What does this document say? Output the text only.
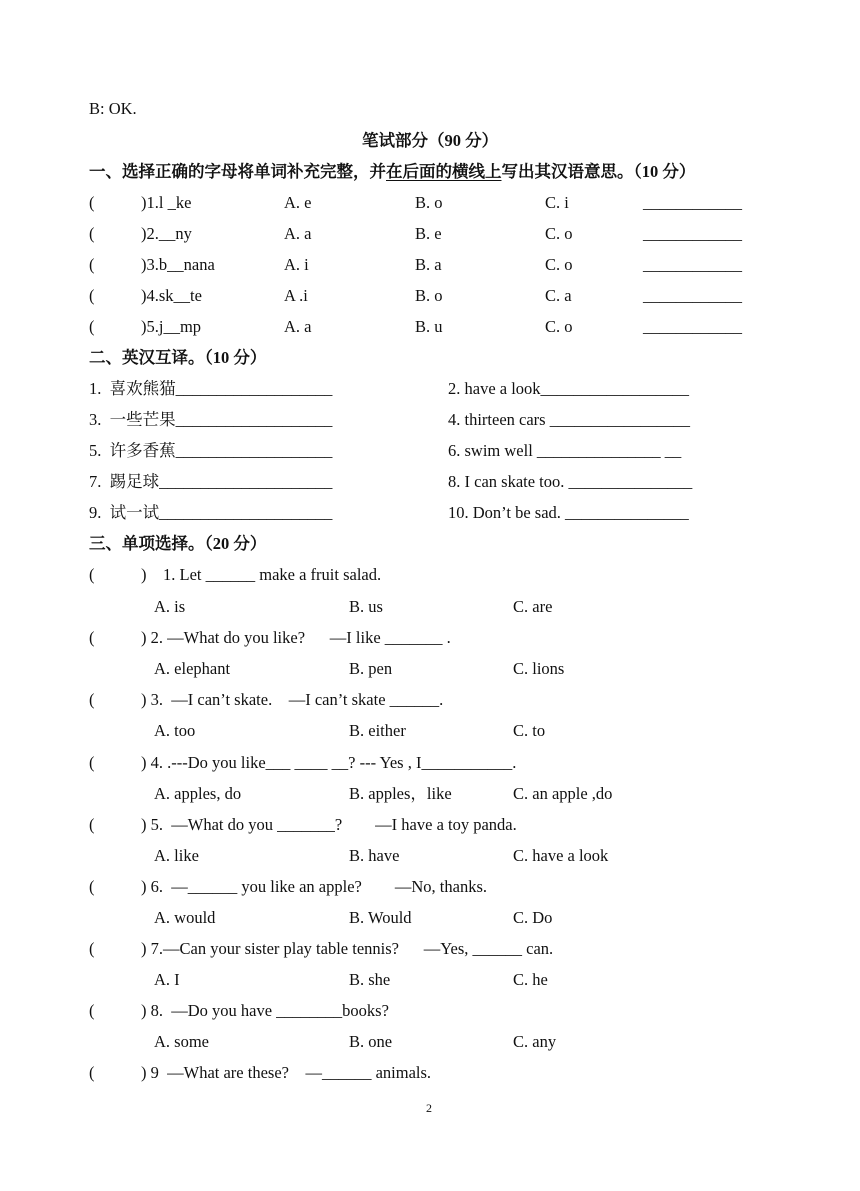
B: OK.
笔试部分（90 分）
一、选择正确的字母将单词补充完整，并在后面的横线上写出其汉语意思。（10 分）
(	)1.l _ke	A. e	B. o	C. i	____________
(	)2.__ny	A. a	B. e	C. o	____________
(	)3.b__nana	A. i	B. a	C. o	____________
(	)4.sk__te	A .i	B. o	C. a	____________
(	)5.j__mp	A. a	B. u	C. o	____________
二、英汉互译。（10 分）
1.  喜欢熊猫___________________	2. have a look__________________
3.  一些芒果___________________	4. thirteen cars _________________
5.  许多香蕉___________________	6. swim well _______________ __
7.  踢足球_____________________	8. I can skate too. _______________
9.  试一试_____________________	10. Don’t be sad. _______________
三、单项选择。（20 分）
(	)    1. Let ______ make a fruit salad.
A. is	B. us	C. are
(	) 2. —What do you like?      —I like _______ .
A. elephant	B. pen	C. lions
(	) 3.  —I can’t skate.    —I can’t skate ______.
A. too	B. either	C. to
(	) 4. .---Do you like___ ____ __? --- Yes , I___________.
A. apples, do	B. apples，like	C. an apple ,do
(	) 5.  —What do you _______?        —I have a toy panda.
A. like	B. have	C. have a look
(	) 6.  —______ you like an apple?        —No, thanks.
A. would	B. Would	C. Do
(	) 7.—Can your sister play table tennis?      —Yes, ______ can.
A. I	B. she	C. he
(	) 8.  —Do you have ________books?
A. some	B. one	C. any
(	) 9  —What are these?    —______ animals.
2
